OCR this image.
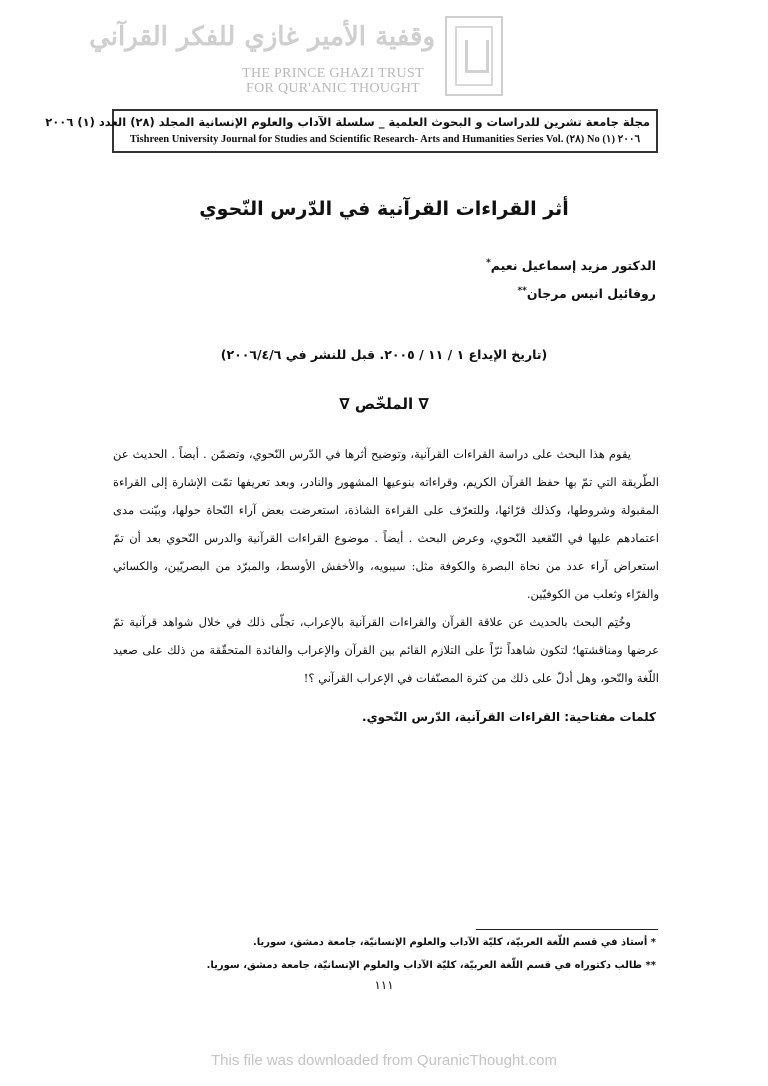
وقفية الأمير غازي للفكر القرآني
THE PRINCE GHAZI TRUST
FOR QUR'ANIC THOUGHT
مجلة جامعة تشرين للدراسات و البحوث العلمية _ سلسلة الآداب والعلوم الإنسانية المجلد (٢٨) العدد (١) ٢٠٠٦
Tishreen University Journal for Studies and Scientific Research- Arts and Humanities Series Vol. (٢٨) No (١) ٢٠٠٦
أثر القراءات القرآنية في الدّرس النّحوي
الدكتور مزيد إسماعيل نعيم*
روفائيل انيس مرجان**
(تاريخ الإيداع ١ / ١١ / ٢٠٠٥. قبل للنشر في ٢٠٠٦/٤/٦)
∇ الملخّص ∇

يقوم هذا البحث على دراسة القراءات القرآنية، وتوضيح أثرها في الدّرس النّحوي، وتضمّن . أيضاً . الحديث عن الطّريقة التي تمّ بها حفظ القرآن الكريم، وقراءاته بنوعيها المشهور والنادر، وبعد تعريفها تمّت الإشارة إلى القراءة المقبولة وشروطها، وكذلك قرّائها، وللتعرّف على القراءة الشاذة، استعرضت بعض آراء النّحاة حولها، وبيّنت مدى اعتمادهم عليها في التّقعيد النّحوي، وعرض البحث . أيضاً . موضوع القراءات القرآنية والدرس النّحوي بعد أن تمّ استعراض آراء عدد من نحاة البصرة والكوفة مثل: سيبويه، والأخفش الأوسط، والمبرّد من البصريّين، والكسائي والفرّاء وثعلب من الكوفيّين.

وخُتِم البحث بالحديث عن علاقة القرآن والقراءات القرآنية بالإعراب، تجلّى ذلك في خلال شواهد قرآنية تمّ عرضها ومناقشتها؛ لتكون شاهداً ثرّاً على التلازم القائم بين القرآن والإعراب والفائدة المتحقّقة من ذلك على صعيد اللّغة والنّحو، وهل أدلّ على ذلك من كثرة المصنّفات في الإعراب القرآني ؟!

كلمات مفتاحية: القراءات القرآنية، الدّرس النّحوي.
* أستاذ في قسم اللّغة العربيّة، كليّة الآداب والعلوم الإنسانيّة، جامعة دمشق، سوريا.
** طالب دكتوراه في قسم اللّغة العربيّة، كليّة الآداب والعلوم الإنسانيّة، جامعة دمشق، سوريا.
١١١
This file was downloaded from QuranicThought.com
